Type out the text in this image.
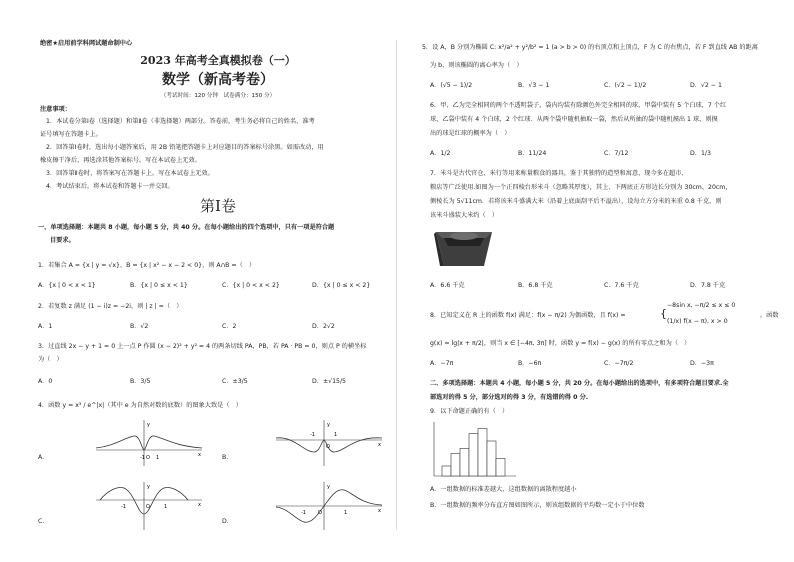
绝密★启用前学科网试题命制中心
2023 年高考全真模拟卷（一）
数学（新高考卷）
（考试时间：120 分钟　试卷满分：150 分）
注意事项：
1．本试卷分第Ⅰ卷（选择题）和第Ⅱ卷（非选择题）两部分。答卷前，考生务必将自己的姓名、准考
证号填写在答题卡上。
2．回答第Ⅰ卷时，选出每小题答案后，用 2B 铅笔把答题卡上对应题目的答案标号涂黑。如需改动，用
橡皮擦干净后，再选涂其他答案标号。写在本试卷上无效。
3．回答第Ⅱ卷时，将答案写在答题卡上。写在本试卷上无效。
4．考试结束后，将本试卷和答题卡一并交回。
第Ⅰ卷
一、单项选择题：本题共 8 小题，每小题 5 分，共 40 分。在每小题给出的四个选项中，只有一项是符合题
目要求。
1．若集合 A = {x | y = √x}，B = {x | x² − x − 2 < 0}，则 A∩B =（　）
A．{x | 0 < x < 1}	B．{x | 0 ≤ x < 1}	C．{x | 0 < x < 2}	D．{x | 0 ≤ x < 2}
2．若复数 z 满足 (1 − i)z = −2i，则 | z | =（　）
A．1	B．√2	C．2	D．2√2
3．过直线 2x − y + 1 = 0 上一点 P 作圆 (x − 2)² + y² = 4 的两条切线 PA，PB，若 PA · PB = 0，则点 P 的横坐标
为（　）
A．0	B．3/5	C．±3/5	D．±√15/5
4．函数 y = x³ / e^|x|（其中 e 为自然对数的底数）的图象大致是（　）
A．	B．
C．	D．
-1 O 1	x
y
-1
O
1
x
y
-1	O	1	x
y
-1 O	1	x
y
5．设 A，B 分别为椭圆 C: x²/a² + y²/b² = 1 (a > b > 0) 的右顶点和上顶点，F 为 C 的右焦点，若 F 到直线 AB 的距离
为 b，则该椭圆的离心率为（　）
A．(√5 − 1)/2	B．√3 − 1	C．(√2 − 1)/2	D．√2 − 1
6．甲、乙为完全相同的两个不透明袋子，袋内均装有除颜色外完全相同的球，甲袋中装有 5 个白球，7 个红
球，乙袋中装有 4 个白球，2 个红球．从两个袋中随机抽取一袋，然后从所抽的袋中随机摸出 1 球，则摸
出的球是红球的概率为（　）
A．1/2	B．11/24	C．7/12	D．1/3
7．米斗是古代官仓、米行等用来称量粮食的器具，鉴于其独特的造型和寓意，现今多在超市、
粮店等广泛使用.如图为一个正四棱台形米斗（忽略其厚度），其上、下两底正方形边长分别为 30cm、20cm，
侧棱长为 5√11cm．若将该米斗盛满大米（沿着上底面刮平后不溢出），设每立方分米的米重 0.8 千克，则
该米斗盛装大米约（　）
A．6.6 千克	B．6.8 千克	C．7.6 千克	D．7.8 千克
8．已知定义在 R 上的函数 f(x) 满足：f(x − π/2) 为偶函数，且 f(x) =	{
−8sin x, −π/2 ≤ x ≤ 0
(1/x) f(x − π), x > 0
，函数
g(x) = lg|x + π/2|，则当 x ∈ [−4π, 3π] 时，函数 y = f(x) − g(x) 的所有零点之和为（　）
A．−7π	B．−6π	C．−7π/2	D．−3π
二、多项选择题：本题共 4 小题，每小题 5 分，共 20 分。在每小题给出的选项中，有多项符合题目要求.全
部选对的得 5 分，部分选对的得 3 分，有选错的得 0 分.
9．以下命题正确的有（　）
A．一组数据的标准差越大，这组数据的离散程度越小
B．一组数据的频率分布直方图如图所示，则该组数据的平均数一定小于中位数
